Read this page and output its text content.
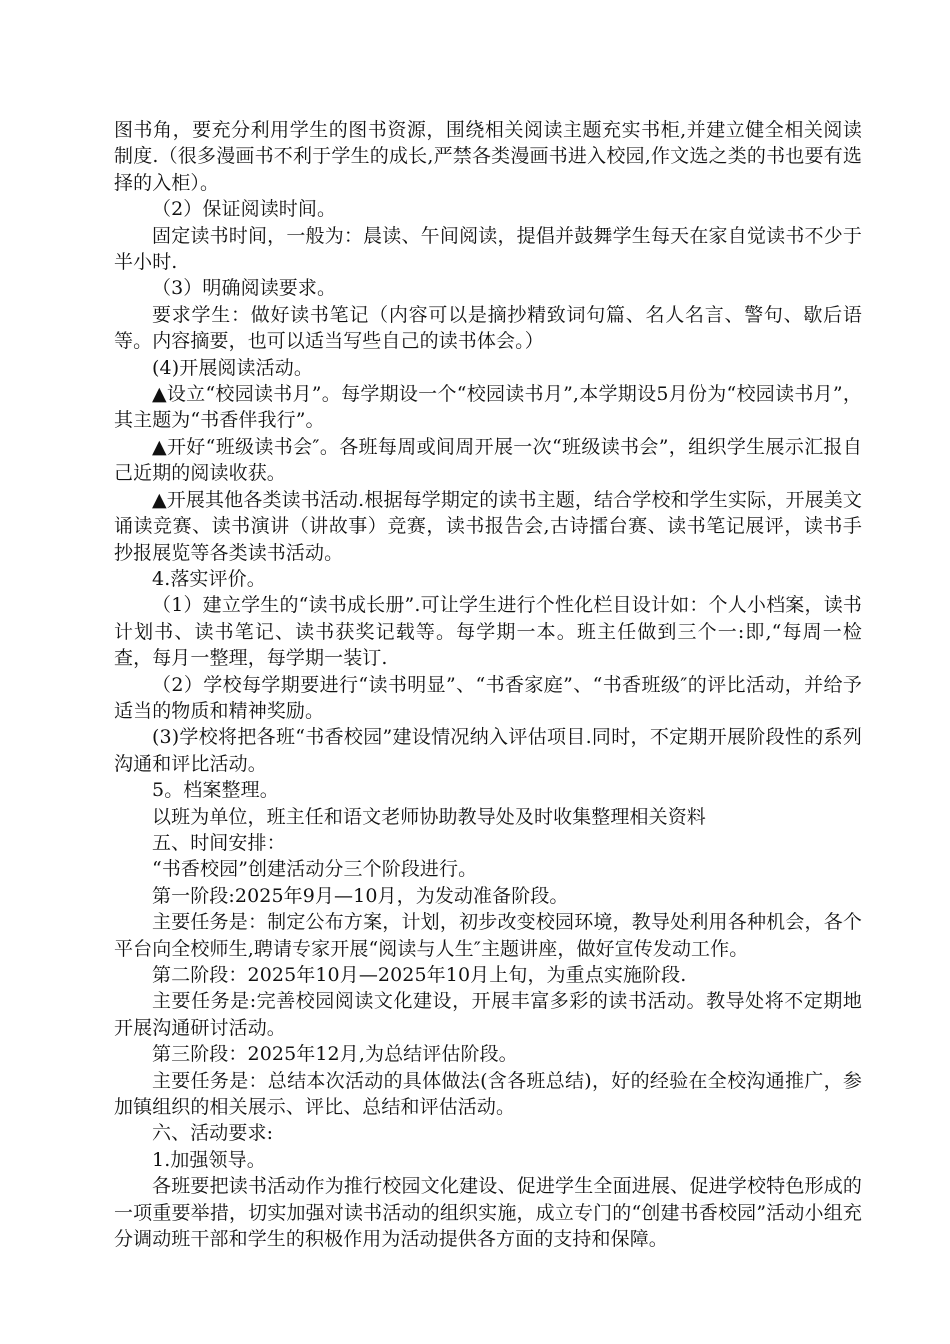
图书角，要充分利用学生的图书资源，围绕相关阅读主题充实书柜,并建立健全相关阅读制度.（很多漫画书不利于学生的成长,严禁各类漫画书进入校园,作文选之类的书也要有选择的入柜）。

（2）保证阅读时间。

固定读书时间，一般为：晨读、午间阅读，提倡并鼓舞学生每天在家自觉读书不少于半小时.

（3）明确阅读要求。

要求学生：做好读书笔记（内容可以是摘抄精致词句篇、名人名言、警句、歇后语等。内容摘要，也可以适当写些自己的读书体会。）

(4)开展阅读活动。

▲设立“校园读书月”。每学期设一个“校园读书月”,本学期设5月份为“校园读书月”，其主题为“书香伴我行”。

▲开好“班级读书会″。各班每周或间周开展一次“班级读书会”，组织学生展示汇报自己近期的阅读收获。

▲开展其他各类读书活动.根据每学期定的读书主题，结合学校和学生实际，开展美文诵读竞赛、读书演讲（讲故事）竞赛，读书报告会,古诗擂台赛、读书笔记展评，读书手抄报展览等各类读书活动。

4.落实评价。

（1）建立学生的“读书成长册”.可让学生进行个性化栏目设计如：个人小档案，读书计划书、读书笔记、读书获奖记载等。每学期一本。班主任做到三个一:即,“每周一检查，每月一整理，每学期一装订.

（2）学校每学期要进行“读书明显”、“书香家庭”、“书香班级″的评比活动，并给予适当的物质和精神奖励。

(3)学校将把各班“书香校园”建设情况纳入评估项目.同时，不定期开展阶段性的系列沟通和评比活动。

5。档案整理。

以班为单位，班主任和语文老师协助教导处及时收集整理相关资料

五、时间安排：

“书香校园”创建活动分三个阶段进行。

第一阶段:2025年9月—10月，为发动准备阶段。

主要任务是：制定公布方案，计划，初步改变校园环境，教导处利用各种机会，各个平台向全校师生,聘请专家开展“阅读与人生″主题讲座，做好宣传发动工作。

第二阶段：2025年10月—2025年10月上旬，为重点实施阶段.

主要任务是:完善校园阅读文化建设，开展丰富多彩的读书活动。教导处将不定期地开展沟通研讨活动。

第三阶段：2025年12月,为总结评估阶段。

主要任务是：总结本次活动的具体做法(含各班总结)，好的经验在全校沟通推广，参加镇组织的相关展示、评比、总结和评估活动。

六、活动要求:

1.加强领导。

各班要把读书活动作为推行校园文化建设、促进学生全面进展、促进学校特色形成的一项重要举措，切实加强对读书活动的组织实施，成立专门的“创建书香校园”活动小组充分调动班干部和学生的积极作用为活动提供各方面的支持和保障。
